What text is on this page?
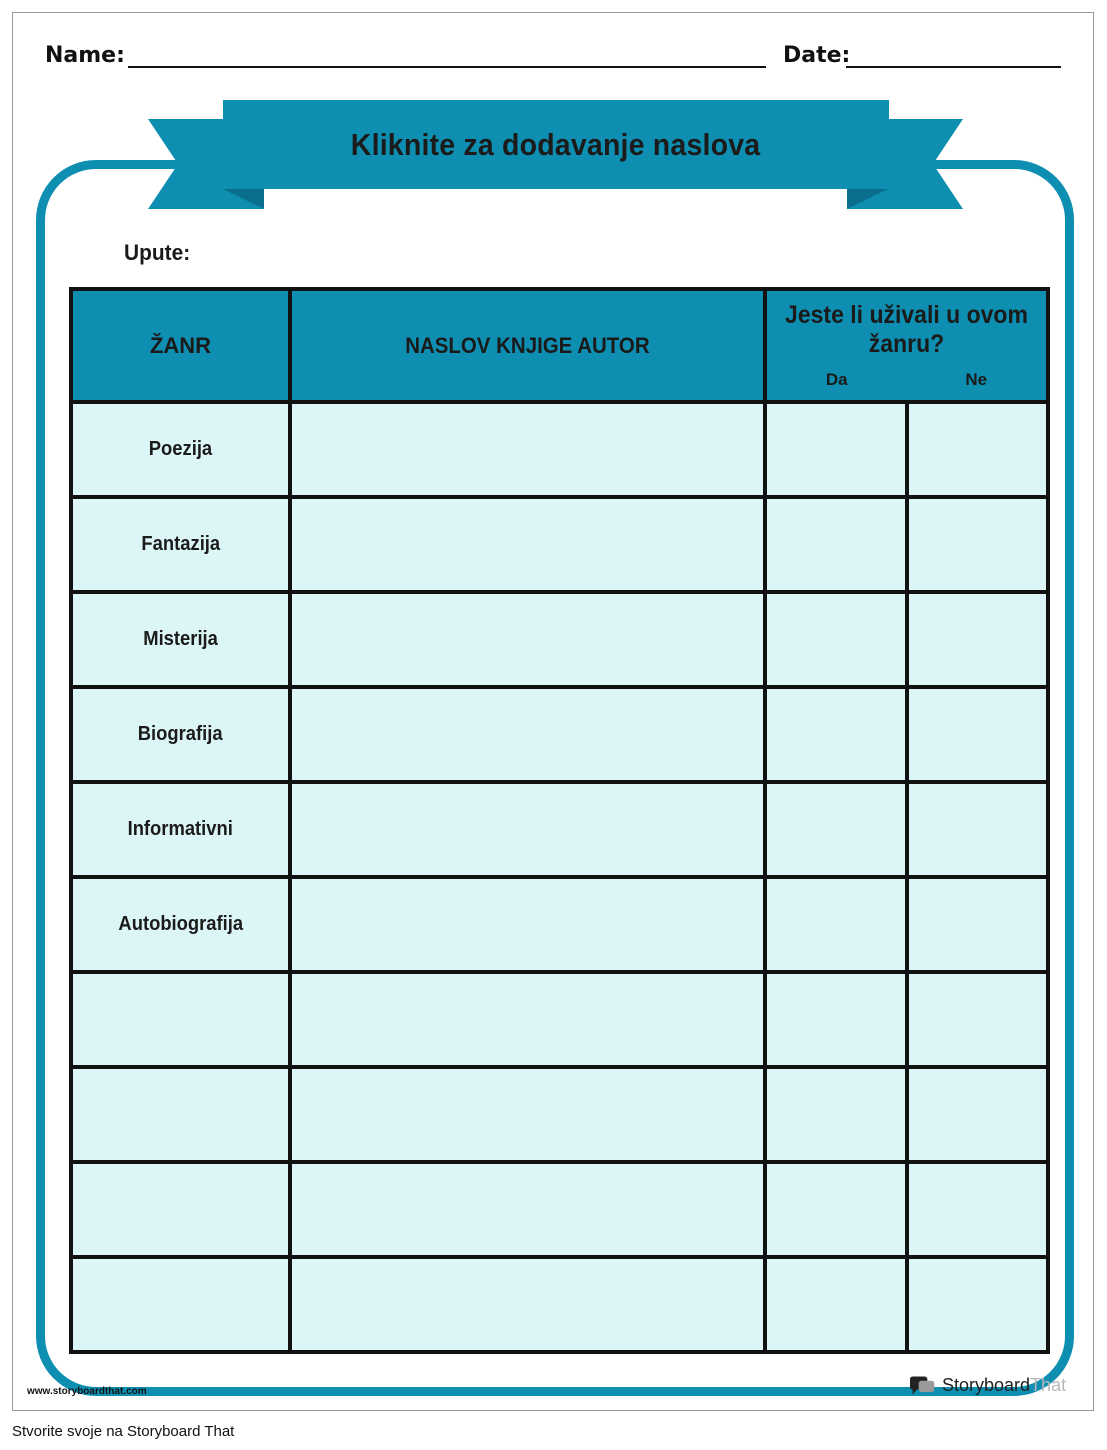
Name:	Date:
Kliknite za dodavanje naslova
Upute:
ŽANR	NASLOV KNJIGE AUTOR	Jeste li uživali u ovom žanru?
Da Ne	

Poezija			
Fantazija			
Misterija			
Biografija			
Informativni			
Autobiografija			

www.storyboardthat.com	StoryboardThat
Stvorite svoje na Storyboard That
